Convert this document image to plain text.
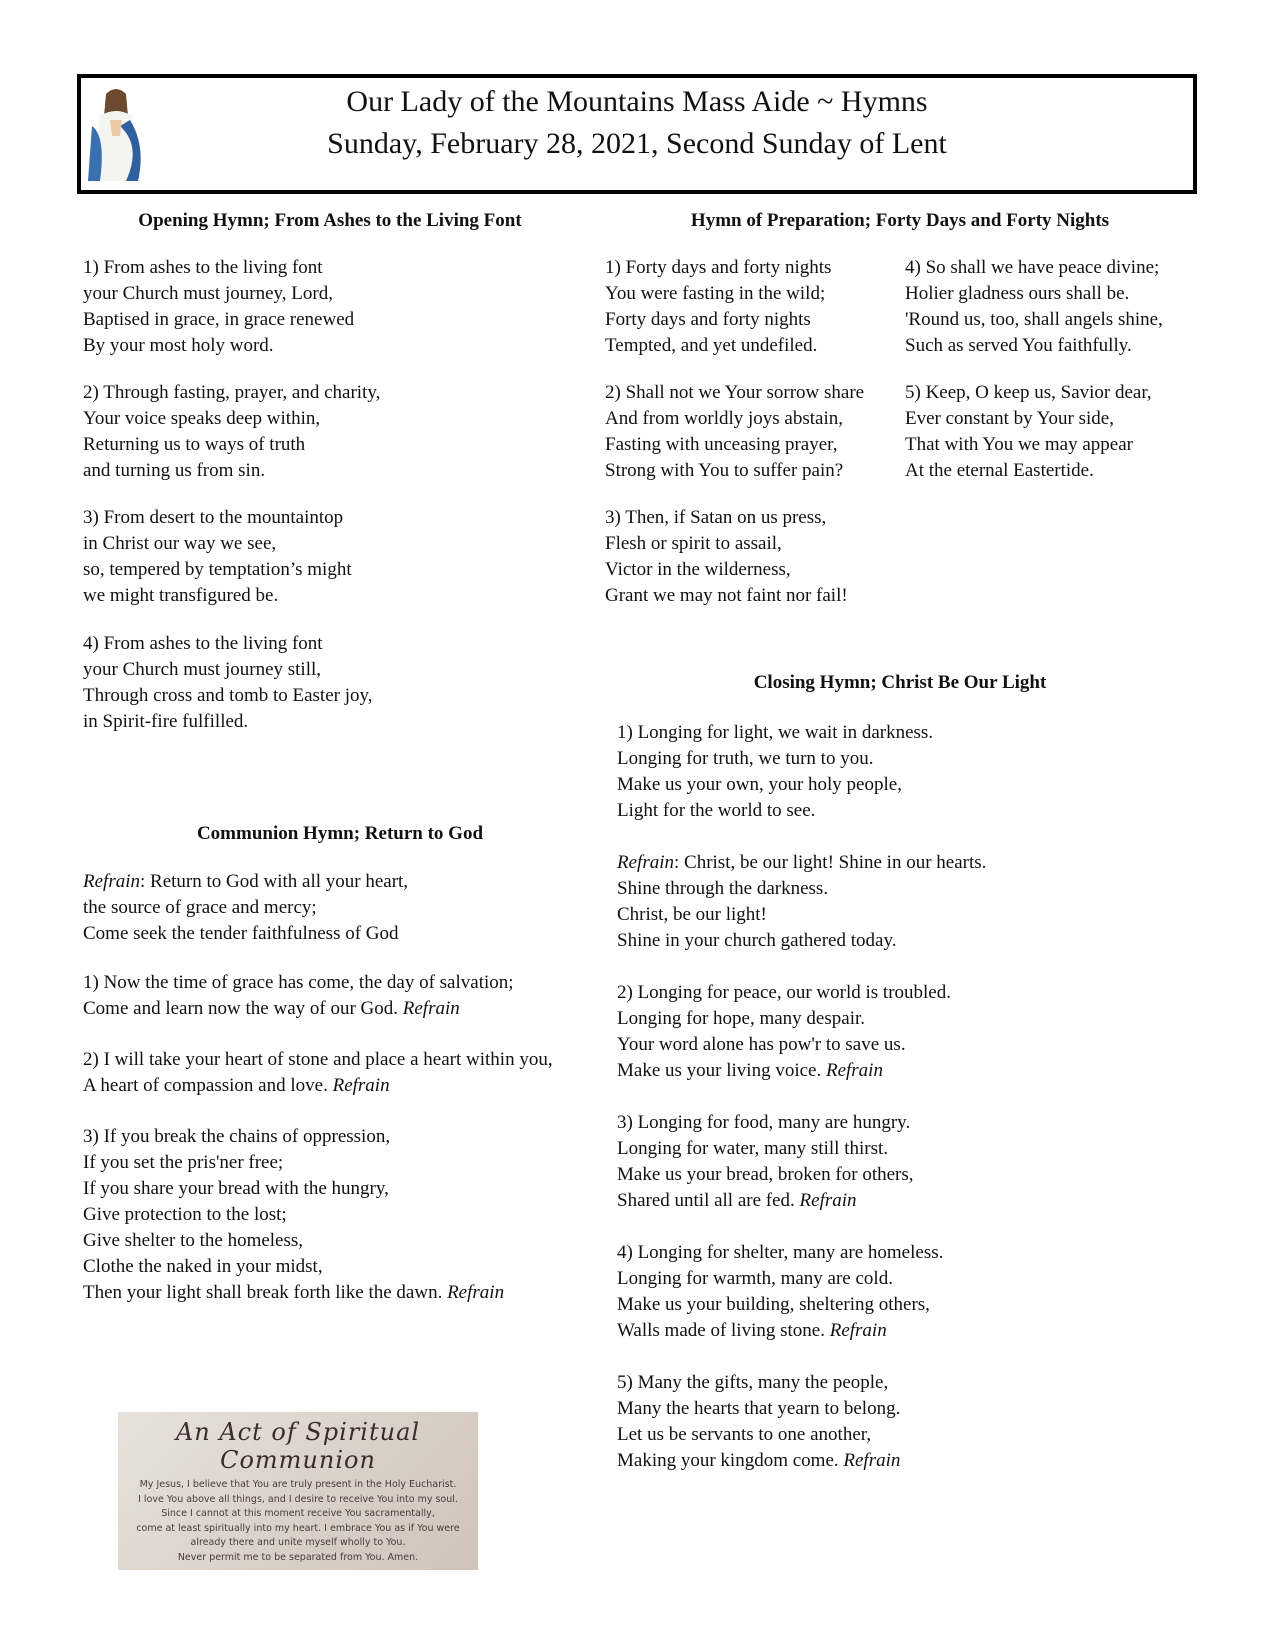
Our Lady of the Mountains Mass Aide ~ Hymns
Sunday, February 28, 2021, Second Sunday of Lent
Opening Hymn; From Ashes to the Living Font
1) From ashes to the living font
your Church must journey, Lord,
Baptised in grace, in grace renewed
By your most holy word.
2) Through fasting, prayer, and charity,
Your voice speaks deep within,
Returning us to ways of truth
and turning us from sin.
3) From desert to the mountaintop
in Christ our way we see,
so, tempered by temptation’s might
we might transfigured be.
4) From ashes to the living font
your Church must journey still,
Through cross and tomb to Easter joy,
in Spirit-fire fulfilled.
Communion Hymn; Return to God
Refrain: Return to God with all your heart,
the source of grace and mercy;
Come seek the tender faithfulness of God
1) Now the time of grace has come, the day of salvation;
Come and learn now the way of our God. Refrain
2) I will take your heart of stone and place a heart within you,
A heart of compassion and love. Refrain
3) If you break the chains of oppression,
If you set the pris'ner free;
If you share your bread with the hungry,
Give protection to the lost;
Give shelter to the homeless,
Clothe the naked in your midst,
Then your light shall break forth like the dawn. Refrain
An Act of Spiritual Communion
My Jesus, I believe that You are truly present in the Holy Eucharist.
I love You above all things, and I desire to receive You into my soul.
Since I cannot at this moment receive You sacramentally,
come at least spiritually into my heart. I embrace You as if You were
already there and unite myself wholly to You.
Never permit me to be separated from You. Amen.
Hymn of Preparation; Forty Days and Forty Nights
1) Forty days and forty nights
You were fasting in the wild;
Forty days and forty nights
Tempted, and yet undefiled.
2) Shall not we Your sorrow share
And from worldly joys abstain,
Fasting with unceasing prayer,
Strong with You to suffer pain?
3) Then, if Satan on us press,
Flesh or spirit to assail,
Victor in the wilderness,
Grant we may not faint nor fail!
4) So shall we have peace divine;
Holier gladness ours shall be.
'Round us, too, shall angels shine,
Such as served You faithfully.
5) Keep, O keep us, Savior dear,
Ever constant by Your side,
That with You we may appear
At the eternal Eastertide.
Closing Hymn; Christ Be Our Light
1) Longing for light, we wait in darkness.
Longing for truth, we turn to you.
Make us your own, your holy people,
Light for the world to see.
Refrain: Christ, be our light! Shine in our hearts.
Shine through the darkness.
Christ, be our light!
Shine in your church gathered today.
2) Longing for peace, our world is troubled.
Longing for hope, many despair.
Your word alone has pow'r to save us.
Make us your living voice. Refrain
3) Longing for food, many are hungry.
Longing for water, many still thirst.
Make us your bread, broken for others,
Shared until all are fed. Refrain
4) Longing for shelter, many are homeless.
Longing for warmth, many are cold.
Make us your building, sheltering others,
Walls made of living stone. Refrain
5) Many the gifts, many the people,
Many the hearts that yearn to belong.
Let us be servants to one another,
Making your kingdom come. Refrain
